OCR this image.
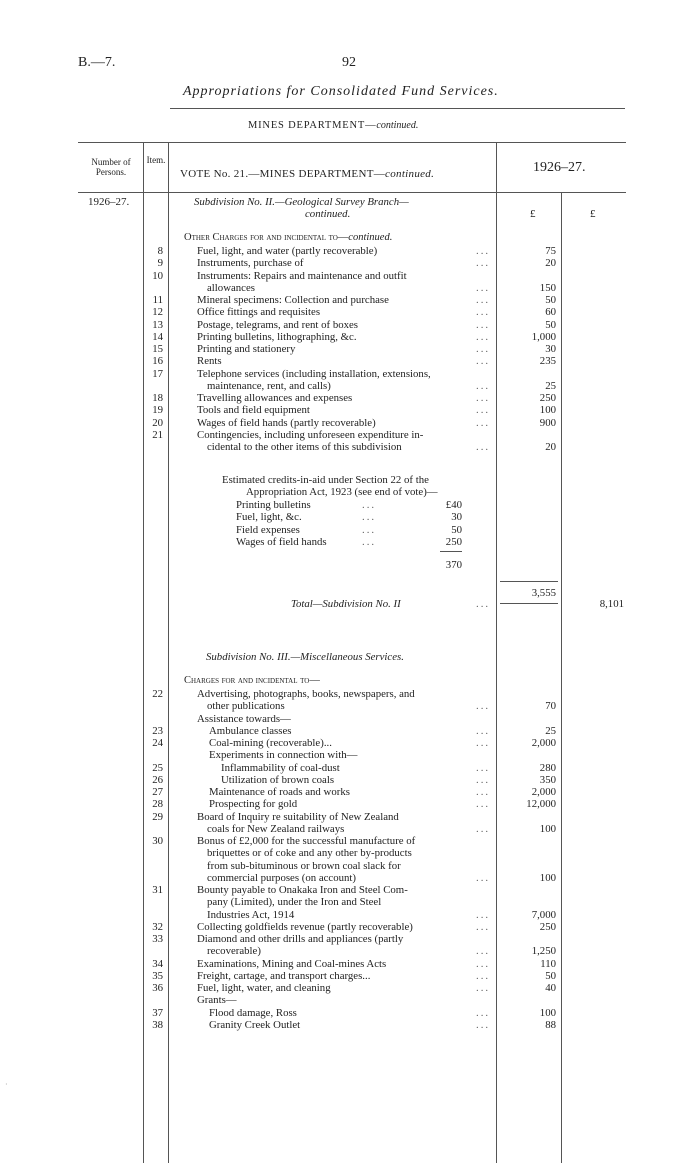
B.—7.	92
Appropriations for Consolidated Fund Services.
MINES DEPARTMENT—continued.
Number of Persons.
Item.
VOTE No. 21.—MINES DEPARTMENT—continued.	1926–27.
1926–27.	Subdivision No. II.—Geological Survey Branch—
continued.	£	£
Other Charges for and incidental to—continued.
8	Fuel, light, and water (partly recoverable)	...	75
9	Instruments, purchase of	...	20
10	Instruments: Repairs and maintenance and outfit
allowances	...	150
11	Mineral specimens: Collection and purchase	...	50
12	Office fittings and requisites	...	60
13	Postage, telegrams, and rent of boxes	...	50
14	Printing bulletins, lithographing, &c.	...	1,000
15	Printing and stationery	...	30
16	Rents	...	235
17	Telephone services (including installation, extensions,
maintenance, rent, and calls)	...	25
18	Travelling allowances and expenses	...	250
19	Tools and field equipment	...	100
20	Wages of field hands (partly recoverable)	...	900
21	Contingencies, including unforeseen expenditure in-
cidental to the other items of this subdivision	...	20
Estimated credits-in-aid under Section 22 of the
Appropriation Act, 1923 (see end of vote)—
Printing bulletins	...	£40
Fuel, light, &c.	...	30
Field expenses	...	50
Wages of field hands	...	250
370
3,555
Total—Subdivision No. II	...	8,101
Subdivision No. III.—Miscellaneous Services.
Charges for and incidental to—
22	Advertising, photographs, books, newspapers, and
other publications	...	70
Assistance towards—
23	Ambulance classes	...	25
24	Coal-mining (recoverable)...	...	2,000
Experiments in connection with—
25	Inflammability of coal-dust	...	280
26	Utilization of brown coals	...	350
27	Maintenance of roads and works	...	2,000
28	Prospecting for gold	...	12,000
29	Board of Inquiry re suitability of New Zealand
coals for New Zealand railways	...	100
30	Bonus of £2,000 for the successful manufacture of
briquettes or of coke and any other by-products
from sub-bituminous or brown coal slack for
commercial purposes (on account)	...	100
31	Bounty payable to Onakaka Iron and Steel Com-
pany (Limited), under the Iron and Steel
Industries Act, 1914	...	7,000
32	Collecting goldfields revenue (partly recoverable)	...	250
33	Diamond and other drills and appliances (partly
recoverable)	...	1,250
34	Examinations, Mining and Coal-mines Acts	...	110
35	Freight, cartage, and transport charges...	...	50
36	Fuel, light, water, and cleaning	...	40
Grants—
37	Flood damage, Ross	...	100
38	Granity Creek Outlet	...	88
·
